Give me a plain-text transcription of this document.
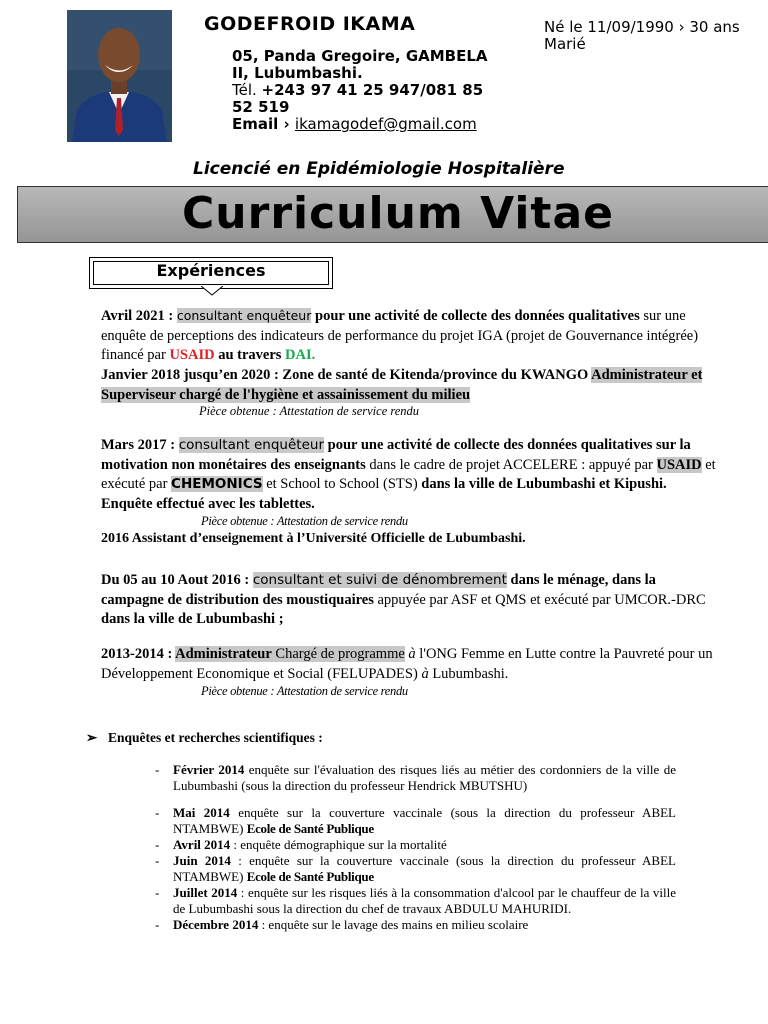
GODEFROID IKAMA
05, Panda Gregoire, GAMBELA
II, Lubumbashi.
Tél. +243 97 41 25 947/081 85
52 519
Email › ikamagodef@gmail.com
Né le 11/09/1990 › 30 ans
Marié
Licencié en Epidémiologie Hospitalière
Curriculum Vitae
Expériences
Avril 2021 : consultant enquêteur pour une activité de collecte des données qualitatives sur une enquête de perceptions des indicateurs de performance du projet IGA (projet de Gouvernance intégrée) financé par USAID au travers DAI.
Janvier 2018 jusqu’en 2020 : Zone de santé de Kitenda/province du KWANGO Administrateur et Superviseur chargé de l'hygiène et assainissement du milieu
Pièce obtenue : Attestation de service rendu
Mars 2017 : consultant enquêteur pour une activité de collecte des données qualitatives sur la motivation non monétaires des enseignants dans le cadre de projet ACCELERE : appuyé par USAID et exécuté par CHEMONICS et School to School (STS) dans la ville de Lubumbashi et Kipushi.
Enquête effectué avec les tablettes.
Pièce obtenue : Attestation de service rendu
2016 Assistant d’enseignement à l’Université Officielle de Lubumbashi.
Du 05 au 10 Aout 2016 : consultant et suivi de dénombrement dans le ménage, dans la campagne de distribution des moustiquaires appuyée par ASF et QMS et exécuté par UMCOR.-DRC dans la ville de Lubumbashi ;
2013-2014 : Administrateur Chargé de programme à l'ONG Femme en Lutte contre la Pauvreté pour un Développement Economique et Social (FELUPADES) à Lubumbashi.
Pièce obtenue : Attestation de service rendu
➢ Enquêtes et recherches scientifiques :
-	Février 2014 enquête sur l'évaluation des risques liés au métier des cordonniers de la ville de Lubumbashi (sous la direction du professeur Hendrick MBUTSHU)
-	Mai 2014 enquête sur la couverture vaccinale (sous la direction du professeur ABEL NTAMBWE) Ecole de Santé Publique
-	Avril 2014 : enquête démographique sur la mortalité
-	Juin 2014 : enquête sur la couverture vaccinale (sous la direction du professeur ABEL NTAMBWE) Ecole de Santé Publique
-	Juillet 2014 : enquête sur les risques liés à la consommation d'alcool par le chauffeur de la ville de Lubumbashi sous la direction du chef de travaux ABDULU MAHURIDI.
-	Décembre 2014 : enquête sur le lavage des mains en milieu scolaire
